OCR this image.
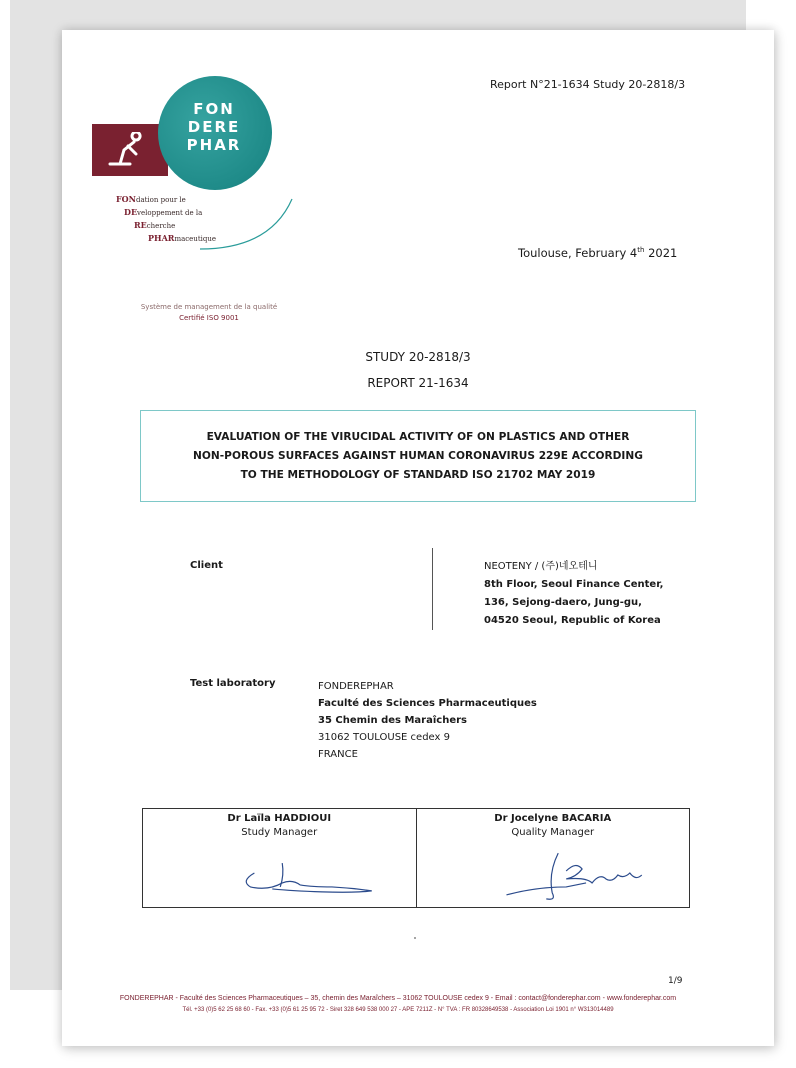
FON
DERE
PHAR
FONdation pour le
DEveloppement de la
REcherche
PHARmaceutique
Système de management de la qualité
Certifié ISO 9001
Report N°21-1634 Study 20-2818/3
Toulouse, February 4th 2021
STUDY 20-2818/3
REPORT 21-1634
EVALUATION OF THE VIRUCIDAL ACTIVITY OF ON PLASTICS AND OTHER
NON-POROUS SURFACES AGAINST HUMAN CORONAVIRUS 229E ACCORDING
TO THE METHODOLOGY OF STANDARD ISO 21702 MAY 2019
Client	NEOTENY / (주)네오테니
8th Floor, Seoul Finance Center,
136, Sejong-daero, Jung-gu,
04520 Seoul, Republic of Korea
Test laboratory	FONDEREPHAR
Faculté des Sciences Pharmaceutiques
35 Chemin des Maraîchers
31062 TOULOUSE cedex 9
FRANCE
Dr Laïla HADDIOUI
Study Manager
Dr Jocelyne BACARIA
Quality Manager
1/9
FONDEREPHAR - Faculté des Sciences Pharmaceutiques – 35, chemin des Maraîchers – 31062 TOULOUSE cedex 9 - Email : contact@fonderephar.com - www.fonderephar.com
Tél. +33 (0)5 62 25 68 60 - Fax. +33 (0)5 61 25 95 72 - Siret 328 649 538 000 27 - APE 7211Z - N° TVA : FR 80328649538 - Association Loi 1901 n° W313014489
